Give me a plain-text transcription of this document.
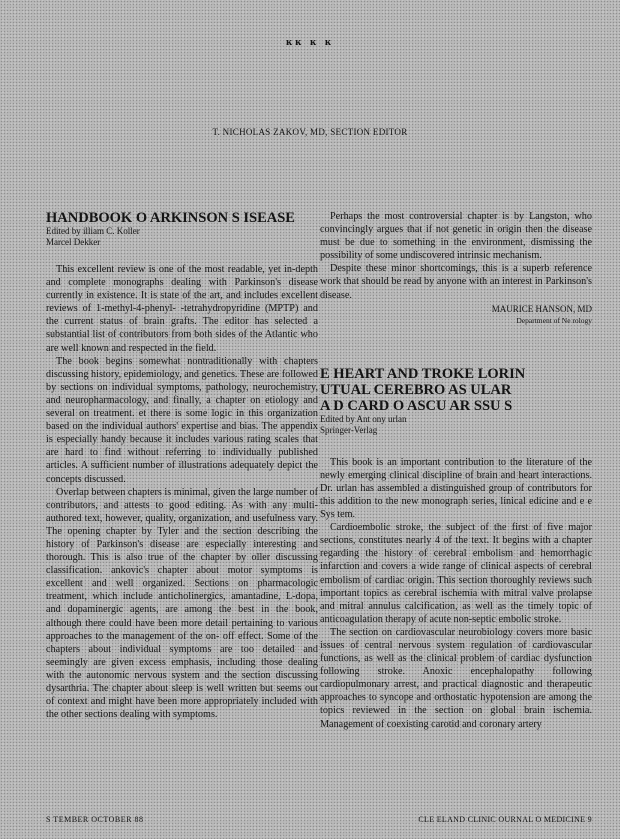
ĸĸ ĸ ĸ
T. NICHOLAS ZAKOV, MD, SECTION EDITOR
HANDBOOK O ARKINSON S ISEASE
Edited by illiam C. Koller
Marcel Dekker

This excellent review is one of the most readable, yet in-depth and complete monographs dealing with Parkinson's disease currently in existence. It is state of the art, and includes excellent reviews of 1-methyl-4-phenyl- -tetrahydropyridine (MPTP) and the current status of brain grafts. The editor has selected a substantial list of contributors from both sides of the Atlantic who are well known and respected in the field.

The book begins somewhat nontraditionally with chapters discussing history, epidemiology, and genetics. These are followed by sections on individual symptoms, pathology, neurochemistry, and neuropharmacology, and finally, a chapter on etiology and several on treatment. et there is some logic in this organization based on the individual authors' expertise and bias. The appendix is especially handy because it includes various rating scales that are hard to find without referring to individually published articles. A sufficient number of illustrations adequately depict the concepts discussed.

Overlap between chapters is minimal, given the large number of contributors, and attests to good editing. As with any multi-authored text, however, quality, organization, and usefulness vary. The opening chapter by Tyler and the section describing the history of Parkinson's disease are especially interesting and thorough. This is also true of the chapter by oller discussing classification. ankovic's chapter about motor symptoms is excellent and well organized. Sections on pharmacologic treatment, which include anticholinergics, amantadine, L-dopa, and dopaminergic agents, are among the best in the book, although there could have been more detail pertaining to various approaches to the management of the on- off effect. Some of the chapters about individual symptoms are too detailed and seemingly are given excess emphasis, including those dealing with the autonomic nervous system and the section discussing dysarthria. The chapter about sleep is well written but seems out of context and might have been more appropriately included with the other sections dealing with symptoms.

Perhaps the most controversial chapter is by Langston, who convincingly argues that if not genetic in origin then the disease must be due to something in the environment, dismissing the possibility of some undiscovered intrinsic mechanism.

Despite these minor shortcomings, this is a superb reference work that should be read by anyone with an interest in Parkinson's disease.

MAURICE HANSON, MD
Department of Ne rology
E HEART AND TROKE LORIN
UTUAL CEREBRO AS ULAR
A D CARD O ASCU AR SSU S
Edited by Ant ony urlan
Springer-Verlag

This book is an important contribution to the literature of the newly emerging clinical discipline of brain and heart interactions. Dr. urlan has assembled a distinguished group of contributors for this addition to the new monograph series, linical edicine and e e Sys tem.

Cardioembolic stroke, the subject of the first of five major sections, constitutes nearly 4 of the text. It begins with a chapter regarding the history of cerebral embolism and hemorrhagic infarction and covers a wide range of clinical aspects of cerebral embolism of cardiac origin. This section thoroughly reviews such important topics as cerebral ischemia with mitral valve prolapse and mitral annulus calcification, as well as the timely topic of anticoagulation therapy of acute non-septic embolic stroke.

The section on cardiovascular neurobiology covers more basic issues of central nervous system regulation of cardiovascular functions, as well as the clinical problem of cardiac dysfunction following stroke. Anoxic encephalopathy following cardiopulmonary arrest, and practical diagnostic and therapeutic approaches to syncope and orthostatic hypotension are among the topics reviewed in the section on global brain ischemia. Management of coexisting carotid and coronary artery

S TEMBER OCTOBER 88	CLE ELAND CLINIC OURNAL O MEDICINE 9
